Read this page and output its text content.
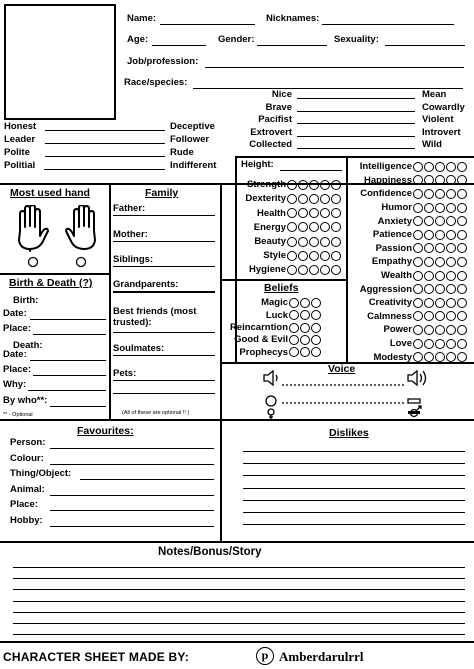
Name:	Nicknames:
Age:	Gender:	Sexuality:
Job/profession:
Race/species:
Height:
Beliefs
Most used hand	Family
(All of these are optional !! )
Birth & Death (?)
Birth:
Date:
Place:
Death:
Date:
Place:
Why:
By who**:
** - Optional
Voice
Favourites:	Dislikes
Notes/Bonus/Story
CHARACTER SHEET MADE BY:	p Amberdarulrrl
Nice	Mean
Brave	Cowardly
Pacifist	Violent
Extrovert	Introvert
Collected	Wild
Honest	Deceptive
Leader	Follower
Polite	Rude
Politial	Indifferent
Strength
Dexterity
Health
Energy
Beauty
Style
Hygiene
Intelligence
Happiness
Confidence
Humor
Anxiety
Patience
Passion
Empathy
Wealth
Aggression
Creativity
Calmness
Power
Love
Modesty
Magic
Luck
Reincarntion
Good & Evil
Prophecys
Father:
Mother:
Siblings:
Grandparents:
Best friends (most trusted):
Soulmates:
Pets:
Person:
Colour:
Thing/Object:
Animal:
Place:
Hobby:
